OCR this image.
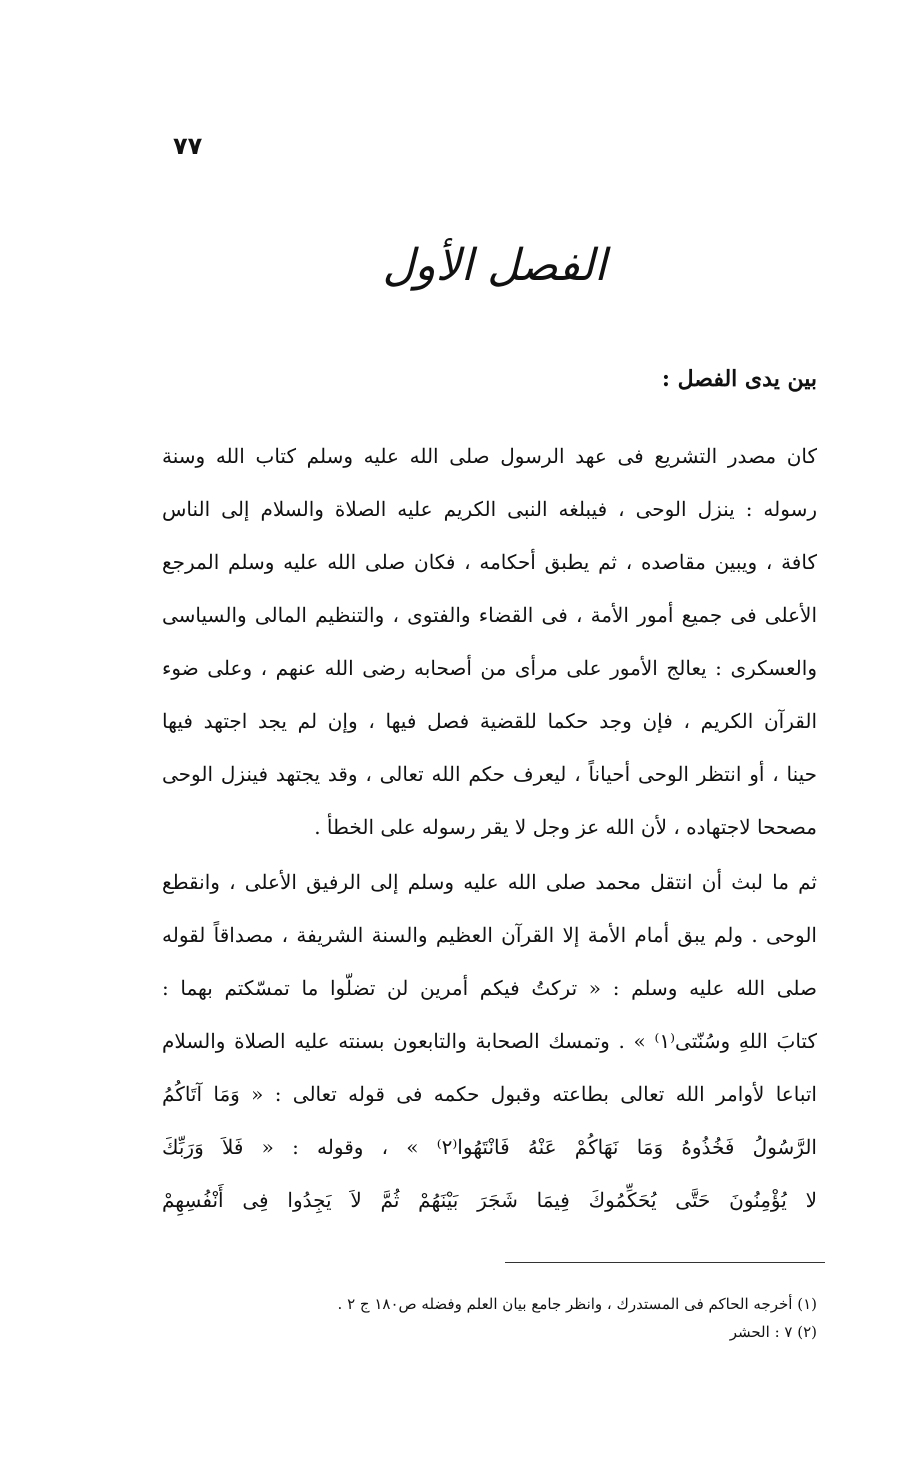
٧٧
الفصل الأول
بين يدى الفصل :
كان مصدر التشريع فى عهد الرسول صلى الله عليه وسلم كتاب الله وسنة
رسوله : ينزل الوحى ، فيبلغه النبى الكريم عليه الصلاة والسلام إلى الناس
كافة ، ويبين مقاصده ، ثم يطبق أحكامه ، فكان صلى الله عليه وسلم المرجع
الأعلى فى جميع أمور الأمة ، فى القضاء والفتوى ، والتنظيم المالى والسياسى
والعسكرى : يعالج الأمور على مرأى من أصحابه رضى الله عنهم ، وعلى ضوء
القرآن الكريم ، فإن وجد حكما للقضية فصل فيها ، وإن لم يجد اجتهد فيها
حينا ، أو انتظر الوحى أحياناً ، ليعرف حكم الله تعالى ، وقد يجتهد فينزل الوحى
مصححا لاجتهاده ، لأن الله عز وجل لا يقر رسوله على الخطأ .
ثم ما لبث أن انتقل محمد صلى الله عليه وسلم إلى الرفيق الأعلى ، وانقطع
الوحى . ولم يبق أمام الأمة إلا القرآن العظيم والسنة الشريفة ، مصداقاً لقوله
صلى الله عليه وسلم : « تركتُ فيكم أمرين لن تضلّوا ما تمسّكتم بهما :
كتابَ اللهِ وسُنّتى⁽١⁾ » . وتمسك الصحابة والتابعون بسنته عليه الصلاة والسلام
اتباعا لأوامر الله تعالى بطاعته وقبول حكمه فى قوله تعالى : « وَمَا آتَاكُمُ
الرَّسُولُ فَخُذُوهُ وَمَا نَهَاكُمْ عَنْهُ فَانْتَهُوا⁽٢⁾ » ، وقوله : « فَلاَ وَرَبِّكَ
لا يُؤْمِنُونَ حَتَّى يُحَكِّمُوكَ فِيمَا شَجَرَ بَيْنَهُمْ ثُمَّ لاَ يَجِدُوا فِى أَنْفُسِهِمْ
(١) أخرجه الحاكم فى المستدرك ، وانظر جامع بيان العلم وفضله ص١٨٠ ج ٢ .
(٢) ٧ : الحشر
